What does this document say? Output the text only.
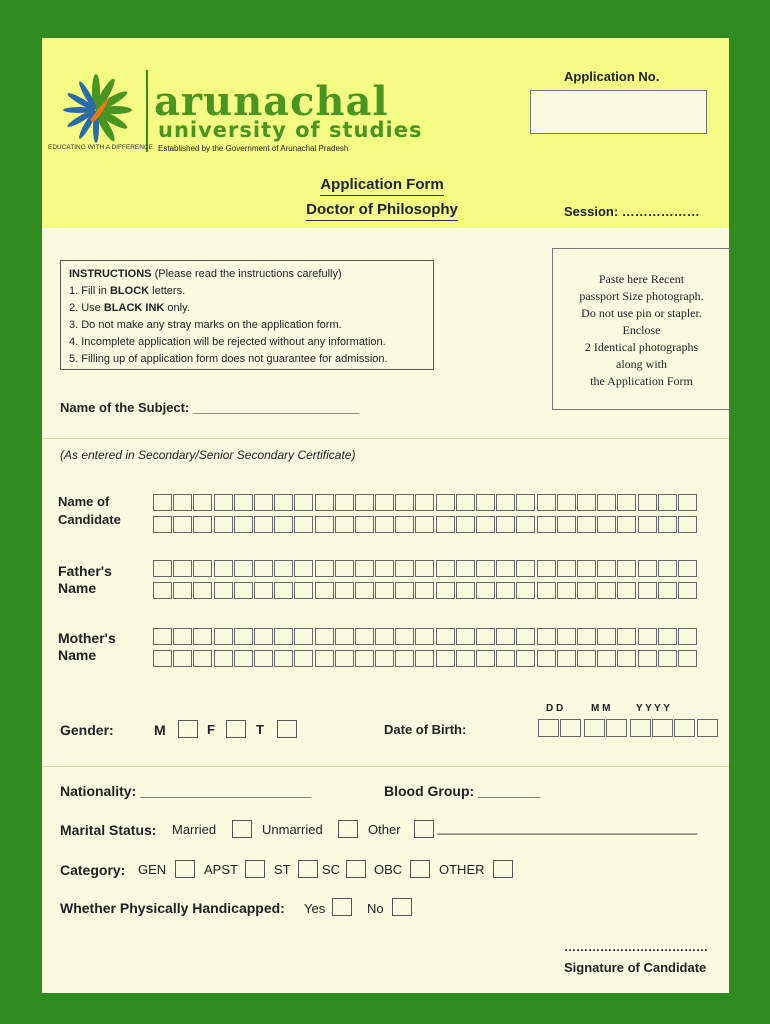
arunachal
university of studies
EDUCATING WITH A DIFFERENCE Established by the Government of Arunachal Pradesh
Application No.
Application Form
Doctor of Philosophy	Session: ………………
INSTRUCTIONS (Please read the instructions carefully)
1. Fill in BLOCK letters.
2. Use BLACK INK only.
3. Do not make any stray marks on the application form.
4. Incomplete application will be rejected without any information.
5. Filling up of application form does not guarantee for admission.
Paste here Recent
passport Size photograph.
Do not use pin or stapler.
Enclose
2 Identical photographs
along with
the Application Form
Name of the Subject: _______________________
(As entered in Secondary/Senior Secondary Certificate)
Name of
Candidate
Father's
Name
Mother's
Name
Gender:	M	F	T	Date of Birth:
D D	M M	Y Y Y Y
Nationality: ______________________	Blood Group: ________
Marital Status: Married	Unmarried	Other	____________________________________
Category: GEN	APST	ST SC	OBC	OTHER
Whether Physically Handicapped: Yes	No
………………………………
Signature of Candidate
